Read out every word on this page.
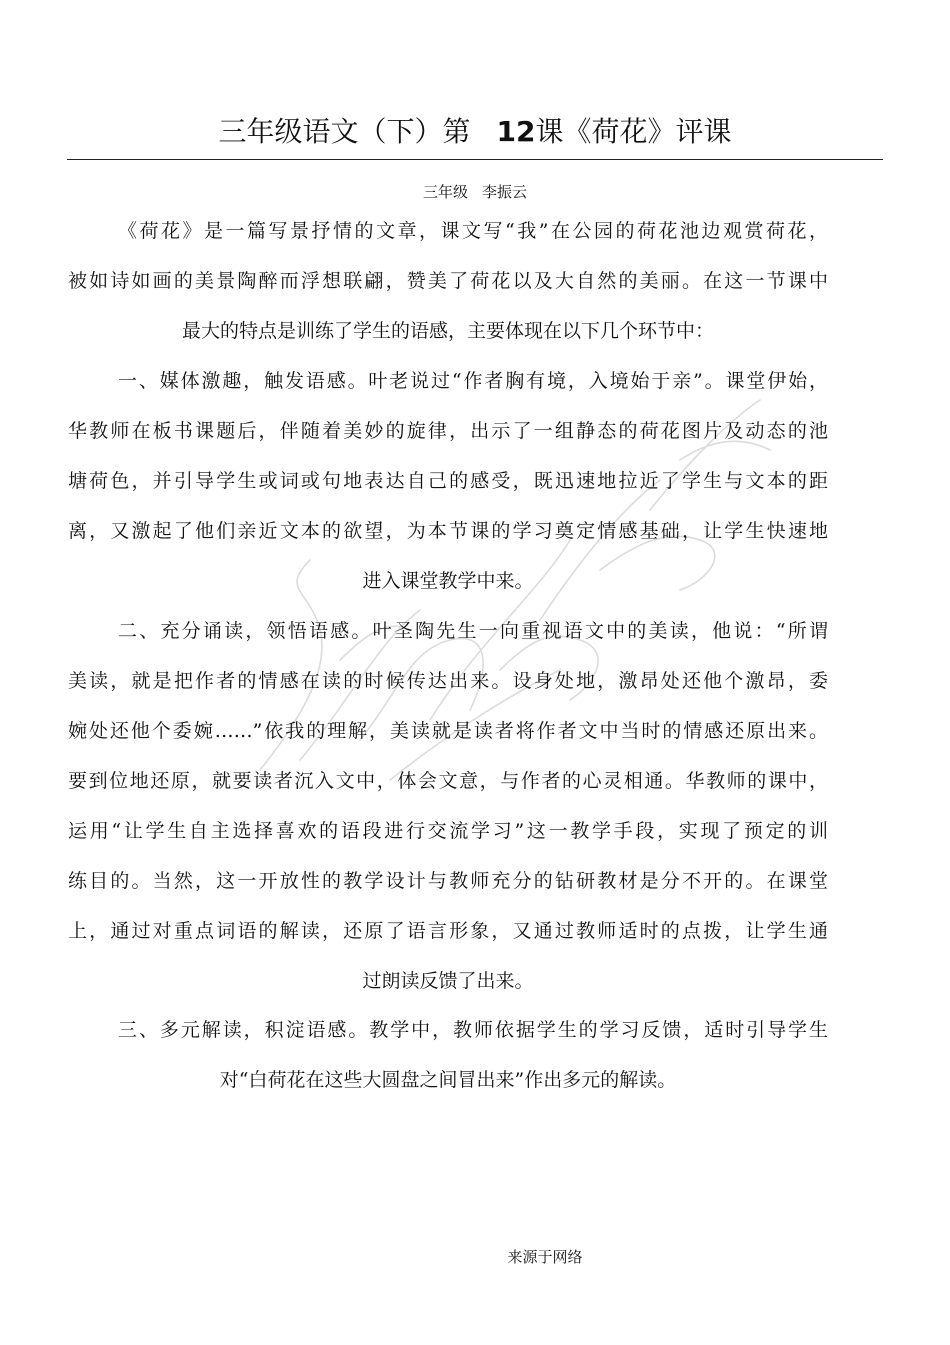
三年级语文（下）第 12课《荷花》评课
三年级 李振云
《荷花》是一篇写景抒情的文章，课文写“我”在公园的荷花池边观赏荷花，
被如诗如画的美景陶醉而浮想联翩，赞美了荷花以及大自然的美丽。在这一节课中
最大的特点是训练了学生的语感，主要体现在以下几个环节中：
一、媒体激趣，触发语感。叶老说过“作者胸有境，入境始于亲”。课堂伊始，
华教师在板书课题后，伴随着美妙的旋律，出示了一组静态的荷花图片及动态的池
塘荷色，并引导学生或词或句地表达自己的感受，既迅速地拉近了学生与文本的距
离，又激起了他们亲近文本的欲望，为本节课的学习奠定情感基础，让学生快速地
进入课堂教学中来。
二、充分诵读，领悟语感。叶圣陶先生一向重视语文中的美读，他说：“所谓
美读，就是把作者的情感在读的时候传达出来。设身处地，激昂处还他个激昂，委
婉处还他个委婉……”依我的理解，美读就是读者将作者文中当时的情感还原出来。
要到位地还原，就要读者沉入文中，体会文意，与作者的心灵相通。华教师的课中，
运用“让学生自主选择喜欢的语段进行交流学习”这一教学手段，实现了预定的训
练目的。当然，这一开放性的教学设计与教师充分的钻研教材是分不开的。在课堂
上，通过对重点词语的解读，还原了语言形象，又通过教师适时的点拨，让学生通
过朗读反馈了出来。
三、多元解读，积淀语感。教学中，教师依据学生的学习反馈，适时引导学生
对“白荷花在这些大圆盘之间冒出来”作出多元的解读。
来源于网络
